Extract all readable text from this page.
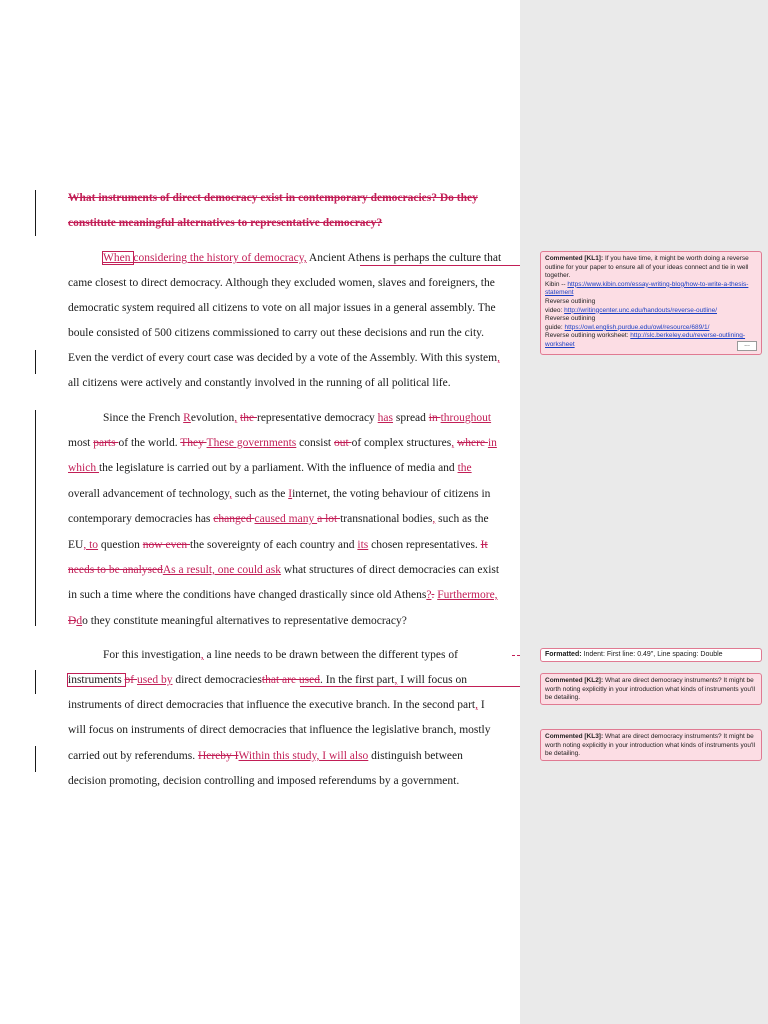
What instruments of direct democracy exist in contemporary democracies? Do they
constitute meaningful alternatives to representative democracy?
When considering the history of democracy, Ancient Athens is perhaps the culture that
came closest to direct democracy. Although they excluded women, slaves and foreigners, the
democratic system required all citizens to vote on all major issues in a general assembly. The
boule consisted of 500 citizens commissioned to carry out these decisions and run the city.
Even the verdict of every court case was decided by a vote of the Assembly. With this system,
all citizens were actively and constantly involved in the running of all political life.
Since the French Revolution, the representative democracy has spread in throughout
most parts of the world. They These governments consist out of complex structures, where in
which the legislature is carried out by a parliament. With the influence of media and the
overall advancement of technology, such as the Iinternet, the voting behaviour of citizens in
contemporary democracies has changed caused many a lot transnational bodies, such as the
EU, to question now even the sovereignty of each country and its chosen representatives. It
needs to be analysedAs a result, one could ask what structures of direct democracies can exist
in such a time where the conditions have changed drastically since old Athens?. Furthermore,
Ddo they constitute meaningful alternatives to representative democracy?
For this investigation, a line needs to be drawn between the different types of
instruments of used by direct democraciesthat are used. In the first part, I will focus on
instruments of direct democracies that influence the executive branch. In the second part, I
will focus on instruments of direct democracies that influence the legislative branch, mostly
carried out by referendums. Hereby IWithin this study, I will also distinguish between
decision promoting, decision controlling and imposed referendums by a government.
Commented [KL1]: If you have time, it might be worth doing a reverse outline for your paper to ensure all of your ideas connect and tie in well together.
Kibin -- https://www.kibin.com/essay-writing-blog/how-to-write-a-thesis-statement
Reverse outlining
video: http://writingcenter.unc.edu/handouts/reverse-outline/
Reverse outlining
guide: https://owl.english.purdue.edu/owl/resource/689/1/
Reverse outlining worksheet: http://slc.berkeley.edu/reverse-outlining-worksheet	...
Formatted: Indent: First line: 0.49", Line spacing: Double
Commented [KL2]: What are direct democracy instruments? It might be worth noting explicitly in your introduction what kinds of instruments you'll be detailing.
Commented [KL3]: What are direct democracy instruments? It might be worth noting explicitly in your introduction what kinds of instruments you'll be detailing.
